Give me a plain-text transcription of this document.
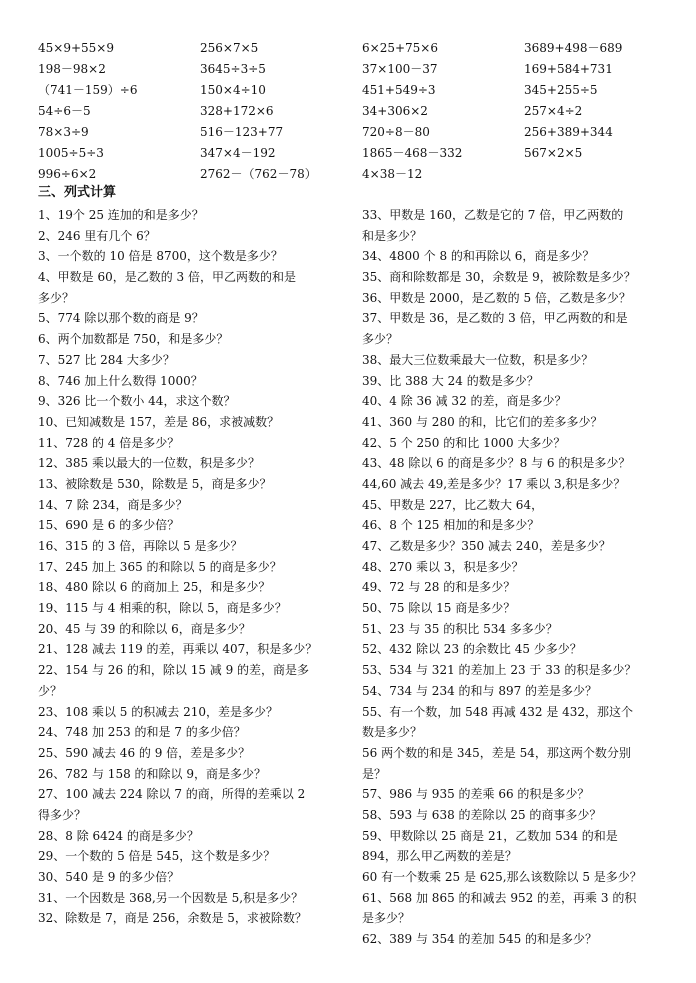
45×9+55×9	256×7×5	6×25+75×6	3689+498－689
198－98×2	3645÷3÷5	37×100－37	169+584+731
（741－159）÷6	150×4÷10	451+549÷3	345+255÷5
54÷6－5	328+172×6	34+306×2	257×4÷2
78×3÷9	516－123+77	720÷8－80	256+389+344
1005÷5÷3	347×4－192	1865－468－332	567×2×5
996÷6×2	2762－（762－78）	4×38－12
三、列式计算
1、19个 25 连加的和是多少？
2、246 里有几个 6？
3、一个数的 10 倍是 8700，这个数是多少？
4、甲数是 60，是乙数的 3 倍，甲乙两数的和是
多少？
5、774 除以那个数的商是 9？
6、两个加数都是 750，和是多少？
7、527 比 284 大多少？
8、746 加上什么数得 1000？
9、326 比一个数小 44，求这个数？
10、已知减数是 157，差是 86，求被减数？
11、728 的 4 倍是多少？
12、385 乘以最大的一位数，积是多少？
13、被除数是 530，除数是 5，商是多少？
14、7 除 234，商是多少？
15、690 是 6 的多少倍？
16、315 的 3 倍，再除以 5 是多少？
17、245 加上 365 的和除以 5 的商是多少？
18、480 除以 6 的商加上 25，和是多少？
19、115 与 4 相乘的积，除以 5，商是多少？
20、45 与 39 的和除以 6，商是多少？
21、128 减去 119 的差，再乘以 407，积是多少？
22、154 与 26 的和，除以 15 减 9 的差，商是多
少？
23、108 乘以 5 的积减去 210，差是多少？
24、748 加 253 的和是 7 的多少倍？
25、590 减去 46 的 9 倍，差是多少？
26、782 与 158 的和除以 9，商是多少？
27、100 减去 224 除以 7 的商，所得的差乘以 2
得多少？
28、8 除 6424 的商是多少？
29、一个数的 5 倍是 545，这个数是多少？
30、540 是 9 的多少倍？
31、一个因数是 368,另一个因数是 5,积是多少？
32、除数是 7，商是 256，余数是 5，求被除数？
33、甲数是 160，乙数是它的 7 倍，甲乙两数的
和是多少？
34、4800 个 8 的和再除以 6，商是多少？
35、商和除数都是 30，余数是 9，被除数是多少？
36、甲数是 2000，是乙数的 5 倍，乙数是多少？
37、甲数是 36，是乙数的 3 倍，甲乙两数的和是
多少？
38、最大三位数乘最大一位数，积是多少？
39、比 388 大 24 的数是多少？
40、4 除 36 减 32 的差，商是多少？
41、360 与 280 的和，比它们的差多多少？
42、5 个 250 的和比 1000 大多少？
43、48 除以 6 的商是多少？8 与 6 的积是多少？
44,60 减去 49,差是多少？17 乘以 3,积是多少？
45、甲数是 227，比乙数大 64，
46、8 个 125 相加的和是多少？
47、乙数是多少？350 减去 240，差是多少？
48、270 乘以 3，积是多少？
49、72 与 28 的和是多少？
50、75 除以 15 商是多少？
51、23 与 35 的积比 534 多多少？
52、432 除以 23 的余数比 45 少多少？
53、534 与 321 的差加上 23 于 33 的积是多少？
54、734 与 234 的和与 897 的差是多少？
55、有一个数，加 548 再减 432 是 432，那这个
数是多少？
56 两个数的和是 345，差是 54，那这两个数分别
是？
57、986 与 935 的差乘 66 的积是多少？
58、593 与 638 的差除以 25 的商事多少？
59、甲数除以 25 商是 21，乙数加 534 的和是
894，那么甲乙两数的差是？
60 有一个数乘 25 是 625,那么该数除以 5 是多少？
61、568 加 865 的和减去 952 的差，再乘 3 的积
是多少？
62、389 与 354 的差加 545 的和是多少？
